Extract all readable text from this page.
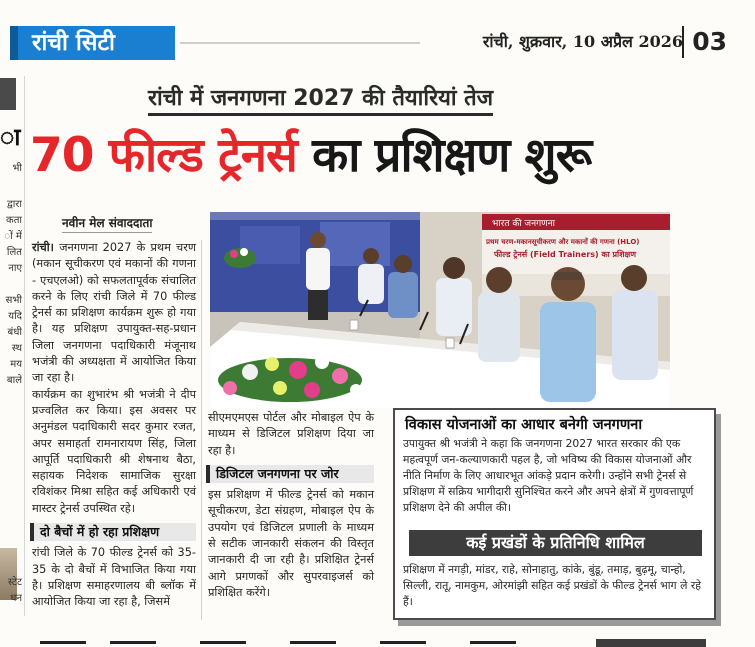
रांची सिटी	रांची, शुक्रवार, 10 अप्रैल 2026 03
ा
भी
द्वारा
कता
ों में
लित
नाए
सभी
यदि
बंधी
स्थ
मय
बाले
स्टेट
धन
रांची में जनगणना 2027 की तैयारियां तेज
70 फील्ड ट्रेनर्स का प्रशिक्षण शुरू
नवीन मेल संवाददाता

रांची। जनगणना 2027 के प्रथम चरण (मकान सूचीकरण एवं मकानों की गणना - एचएलओ) को सफलतापूर्वक संचालित करने के लिए रांची जिले में 70 फील्ड ट्रेनर्स का प्रशिक्षण कार्यक्रम शुरू हो गया है। यह प्रशिक्षण उपायुक्त-सह-प्रधान जिला जनगणना पदाधिकारी मंजूनाथ भजंत्री की अध्यक्षता में आयोजित किया जा रहा है।

कार्यक्रम का शुभारंभ श्री भजंत्री ने दीप प्रज्वलित कर किया। इस अवसर पर अनुमंडल पदाधिकारी सदर कुमार रजत, अपर समाहर्ता रामनारायण सिंह, जिला आपूर्ति पदाधिकारी श्री शेषनाथ बैठा, सहायक निदेशक सामाजिक सुरक्षा रविशंकर मिश्रा सहित कई अधिकारी एवं मास्टर ट्रेनर्स उपस्थित रहे।

दो बैचों में हो रहा प्रशिक्षण

रांची जिले के 70 फील्ड ट्रेनर्स को 35-35 के दो बैचों में विभाजित किया गया है। प्रशिक्षण समाहरणालय बी ब्लॉक में आयोजित किया जा रहा है, जिसमें

भारत की जनगणना
प्रथम चरण-मकानसूचीकरण और मकानों की गणना (HLO)
फील्ड ट्रेनर्स (Field Trainers) का प्रशिक्षण

सीएमएमएस पोर्टल और मोबाइल ऐप के माध्यम से डिजिटल प्रशिक्षण दिया जा रहा है।

डिजिटल जनगणना पर जोर

इस प्रशिक्षण में फील्ड ट्रेनर्स को मकान सूचीकरण, डेटा संग्रहण, मोबाइल ऐप के उपयोग एवं डिजिटल प्रणाली के माध्यम से सटीक जानकारी संकलन की विस्तृत जानकारी दी जा रही है। प्रशिक्षित ट्रेनर्स आगे प्रगणकों और सुपरवाइजर्स को प्रशिक्षित करेंगे।

विकास योजनाओं का आधार बनेगी जनगणना
उपायुक्त श्री भजंत्री ने कहा कि जनगणना 2027 भारत सरकार की एक महत्वपूर्ण जन-कल्याणकारी पहल है, जो भविष्य की विकास योजनाओं और नीति निर्माण के लिए आधारभूत आंकड़े प्रदान करेगी। उन्होंने सभी ट्रेनर्स से प्रशिक्षण में सक्रिय भागीदारी सुनिश्चित करने और अपने क्षेत्रों में गुणवत्तापूर्ण प्रशिक्षण देने की अपील की।
कई प्रखंडों के प्रतिनिधि शामिल
प्रशिक्षण में नगड़ी, मांडर, राहे, सोनाहातु, कांके, बुंडू, तमाड़, बुढ़मू, चान्हो, सिल्ली, रातू, नामकुम, ओरमांझी सहित कई प्रखंडों के फील्ड ट्रेनर्स भाग ले रहे हैं।
